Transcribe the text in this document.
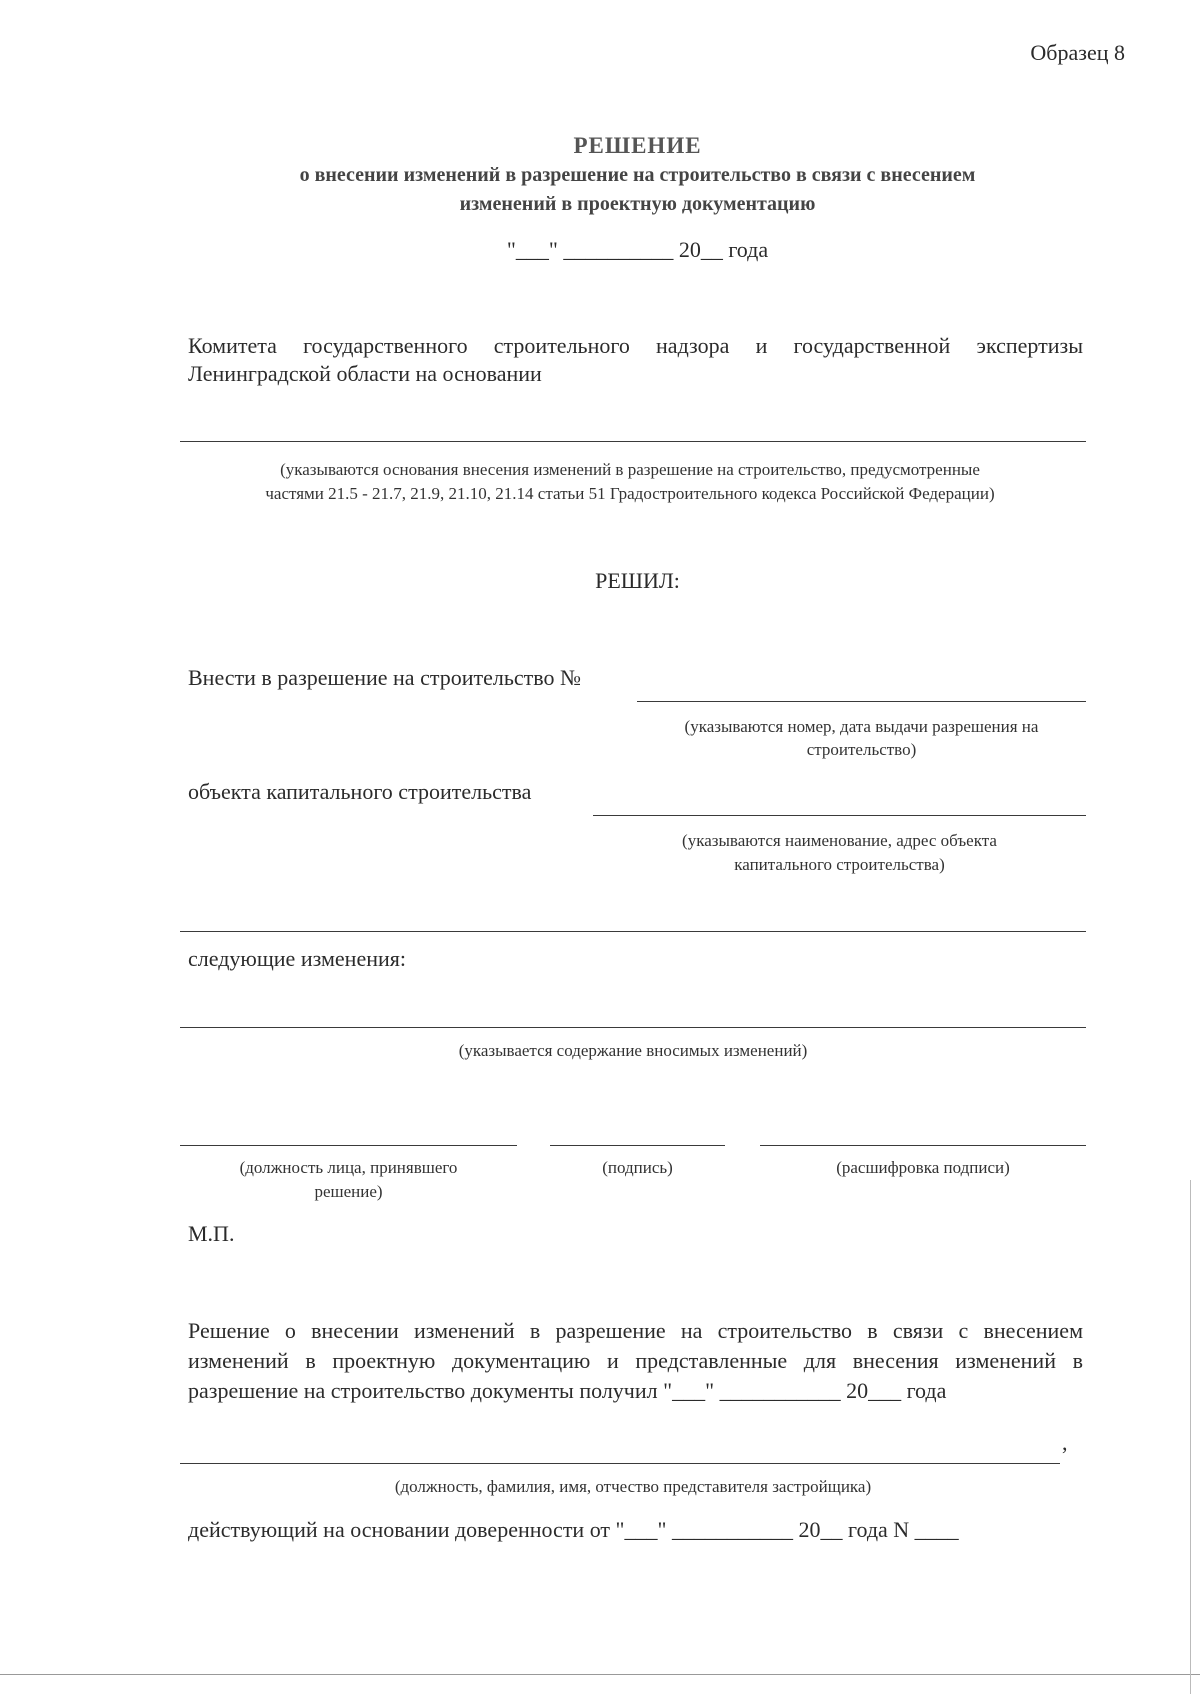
Образец 8
РЕШЕНИЕ
о внесении изменений в разрешение на строительство в связи с внесением
изменений в проектную документацию
"___" __________ 20__ года
Комитета государственного строительного надзора и государственной экспертизы
Ленинградской области на основании
(указываются основания внесения изменений в разрешение на строительство, предусмотренные
частями 21.5 - 21.7, 21.9, 21.10, 21.14 статьи 51 Градостроительного кодекса Российской Федерации)
РЕШИЛ:
Внести в разрешение на строительство №
(указываются номер, дата выдачи разрешения на
строительство)
объекта капитального строительства
(указываются наименование, адрес объекта
капитального строительства)
следующие изменения:
(указывается содержание вносимых изменений)
(должность лица, принявшего
решение)
(подпись)	(расшифровка подписи)
М.П.
Решение о внесении изменений в разрешение на строительство в связи с внесением
изменений в проектную документацию и представленные для внесения изменений в
разрешение на строительство документы получил "___" ___________ 20___ года
,
(должность, фамилия, имя, отчество представителя застройщика)
действующий на основании доверенности от "___" ___________ 20__ года N ____
